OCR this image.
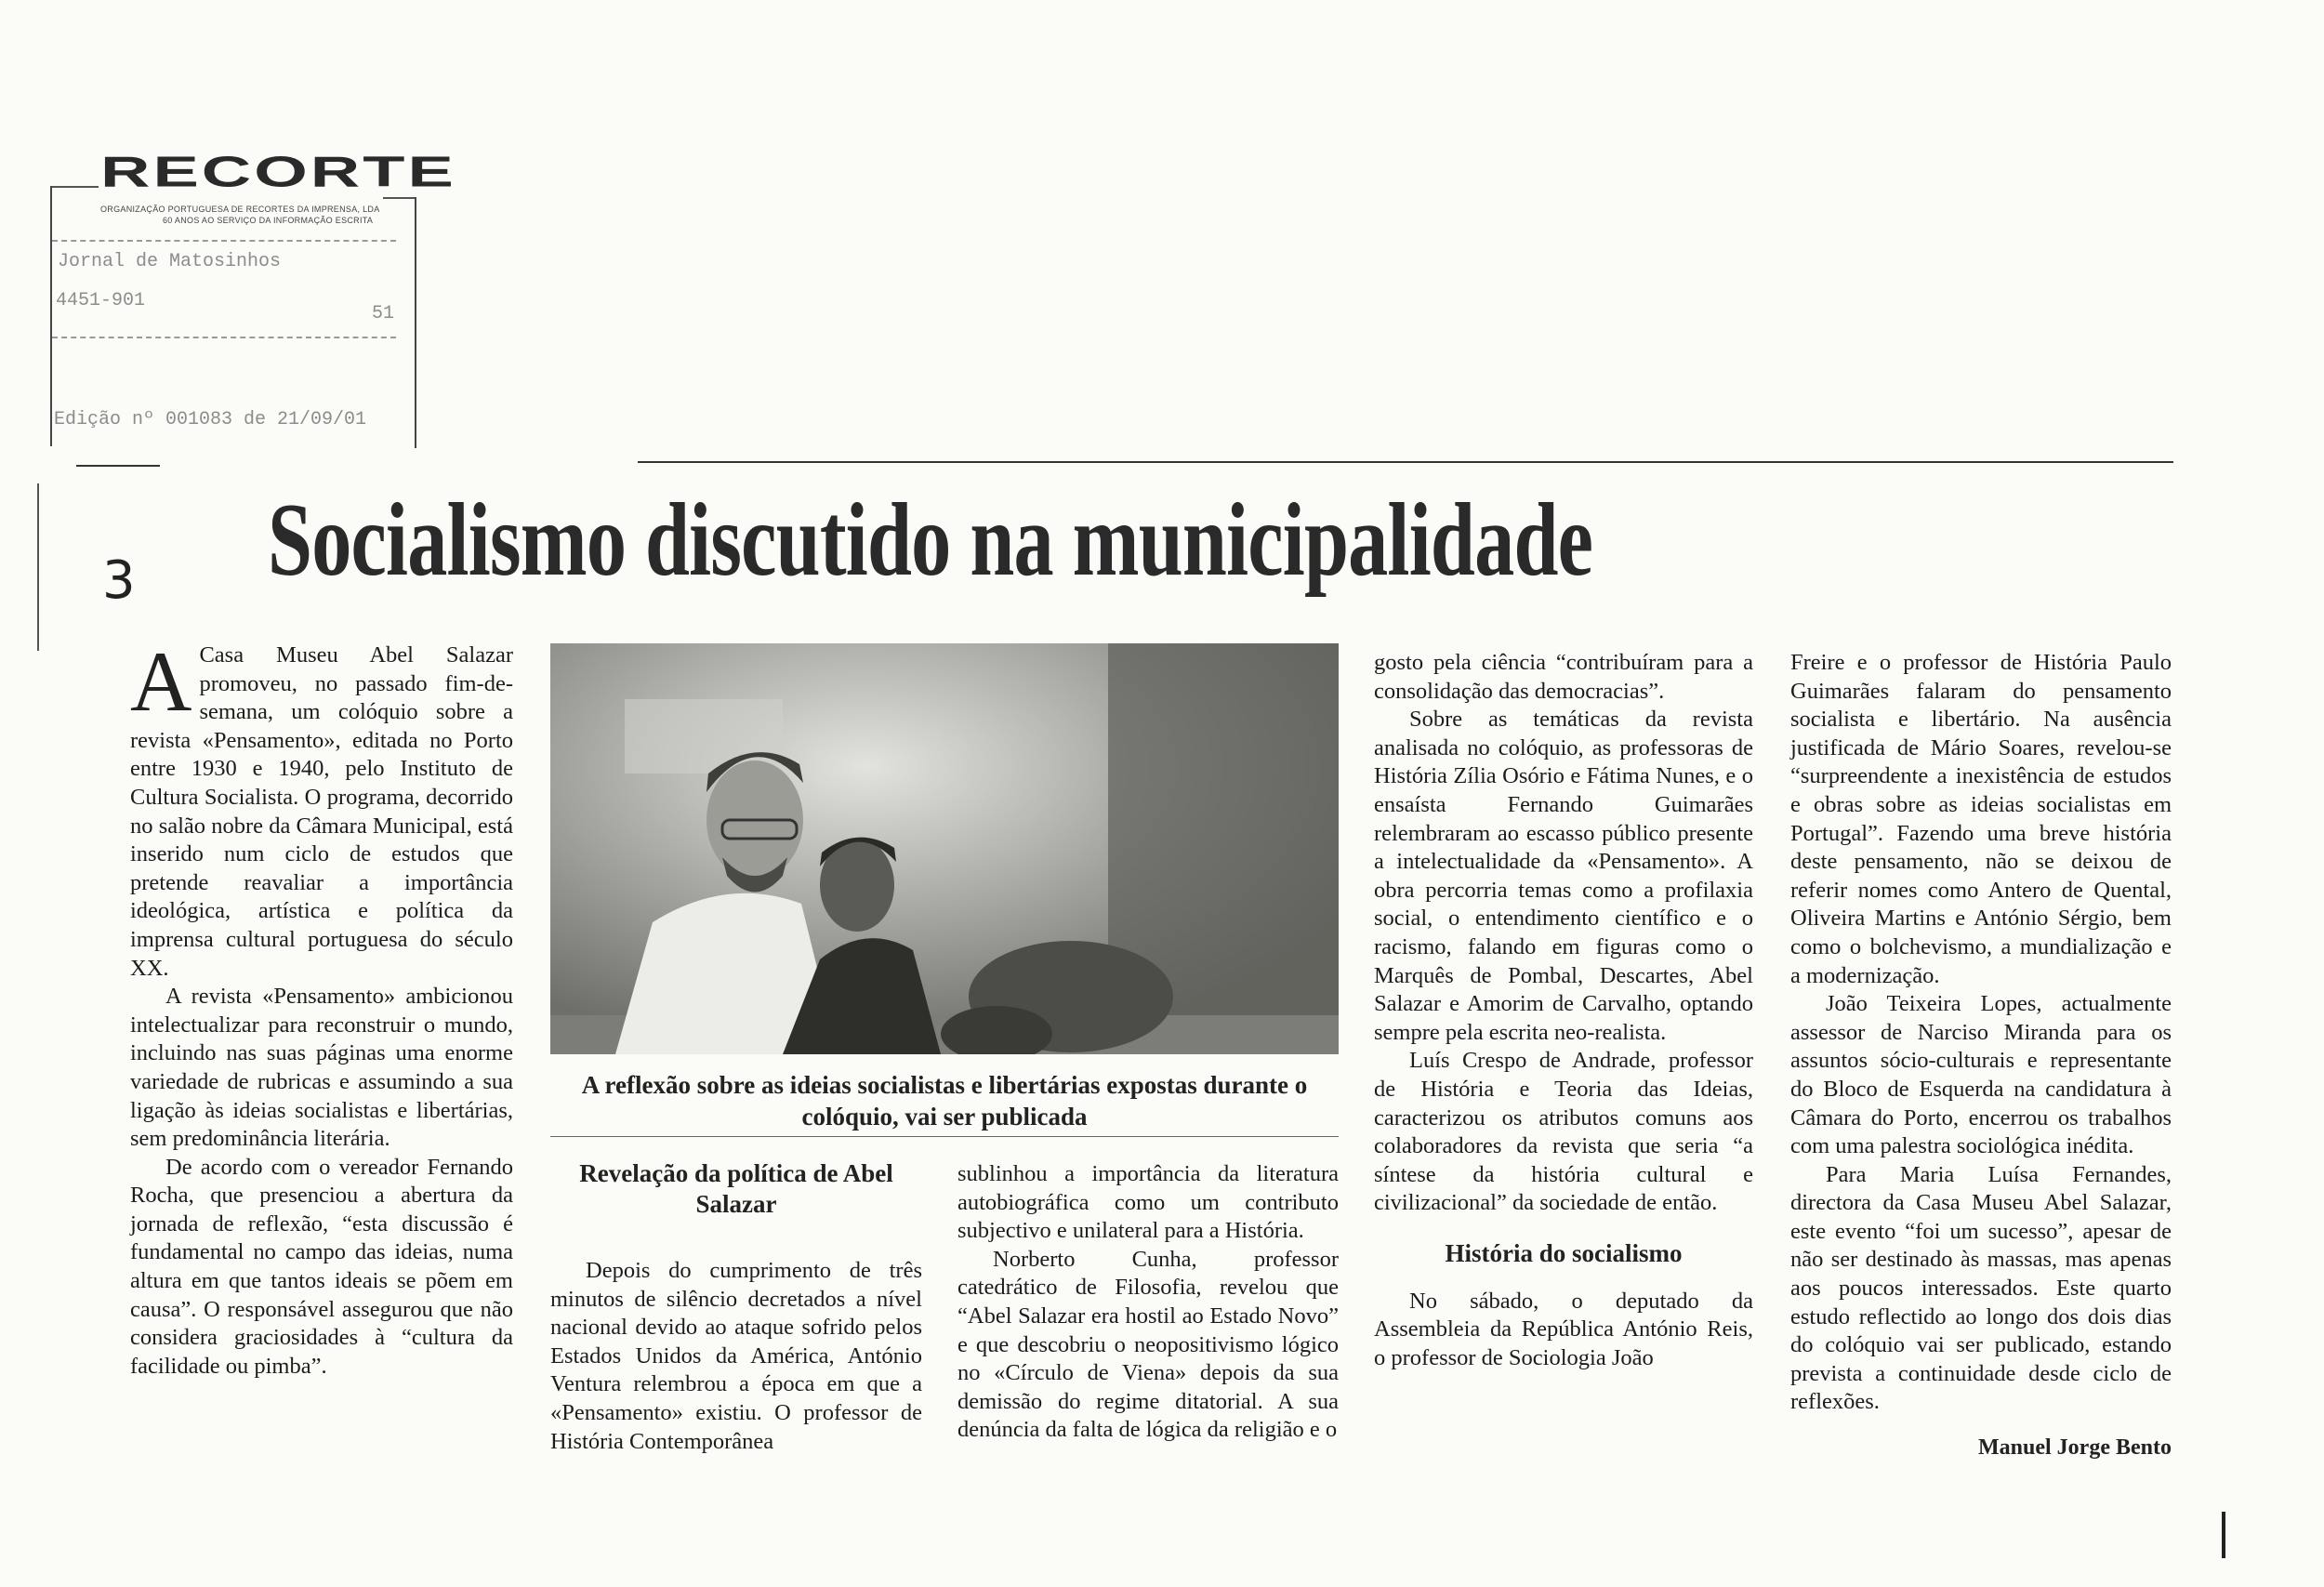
RECORTE
ORGANIZAÇÃO PORTUGUESA DE RECORTES DA IMPRENSA, LDA
60 ANOS AO SERVIÇO DA INFORMAÇÃO ESCRITA
Jornal de Matosinhos
4451-901
51
Edição nº 001083 de 21/09/01
3 Socialismo discutido na municipalidade
A Casa Museu Abel Salazar promoveu, no passado fim-de-semana, um colóquio sobre a revista «Pensamento», editada no Porto entre 1930 e 1940, pelo Instituto de Cultura Socialista. O programa, decorrido no salão nobre da Câmara Municipal, está inserido num ciclo de estudos que pretende reavaliar a importância ideológica, artística e política da imprensa cultural portuguesa do século XX.

A revista «Pensamento» ambicionou intelectualizar para reconstruir o mundo, incluindo nas suas páginas uma enorme variedade de rubricas e assumindo a sua ligação às ideias socialistas e libertárias, sem predominância literária.

De acordo com o vereador Fernando Rocha, que presenciou a abertura da jornada de reflexão, “esta discussão é fundamental no campo das ideias, numa altura em que tantos ideais se põem em causa”. O responsável assegurou que não considera graciosidades à “cultura da facilidade ou pimba”.

A reflexão sobre as ideias socialistas e libertárias expostas durante o colóquio, vai ser publicada
Revelação da política de Abel Salazar

Depois do cumprimento de três minutos de silêncio decretados a nível nacional devido ao ataque sofrido pelos Estados Unidos da América, António Ventura relembrou a época em que a «Pensamento» existiu. O professor de História Contemporânea

sublinhou a importância da literatura autobiográfica como um contributo subjectivo e unilateral para a História.

Norberto Cunha, professor catedrático de Filosofia, revelou que “Abel Salazar era hostil ao Estado Novo” e que descobriu o neopositivismo lógico no «Círculo de Viena» depois da sua demissão do regime ditatorial. A sua denúncia da falta de lógica da religião e o

gosto pela ciência “contribuíram para a consolidação das democracias”.

Sobre as temáticas da revista analisada no colóquio, as professoras de História Zília Osório e Fátima Nunes, e o ensaísta Fernando Guimarães relembraram ao escasso público presente a intelectualidade da «Pensamento». A obra percorria temas como a profilaxia social, o entendimento científico e o racismo, falando em figuras como o Marquês de Pombal, Descartes, Abel Salazar e Amorim de Carvalho, optando sempre pela escrita neo-realista.

Luís Crespo de Andrade, professor de História e Teoria das Ideias, caracterizou os atributos comuns aos colaboradores da revista que seria “a síntese da história cultural e civilizacional” da sociedade de então.

História do socialismo

No sábado, o deputado da Assembleia da República António Reis, o professor de Sociologia João

Freire e o professor de História Paulo Guimarães falaram do pensamento socialista e libertário. Na ausência justificada de Mário Soares, revelou-se “surpreendente a inexistência de estudos e obras sobre as ideias socialistas em Portugal”. Fazendo uma breve história deste pensamento, não se deixou de referir nomes como Antero de Quental, Oliveira Martins e António Sérgio, bem como o bolchevismo, a mundialização e a modernização.

João Teixeira Lopes, actualmente assessor de Narciso Miranda para os assuntos sócio-culturais e representante do Bloco de Esquerda na candidatura à Câmara do Porto, encerrou os trabalhos com uma palestra sociológica inédita.

Para Maria Luísa Fernandes, directora da Casa Museu Abel Salazar, este evento “foi um sucesso”, apesar de não ser destinado às massas, mas apenas aos poucos interessados. Este quarto estudo reflectido ao longo dos dois dias do colóquio vai ser publicado, estando prevista a continuidade desde ciclo de reflexões.

Manuel Jorge Bento
